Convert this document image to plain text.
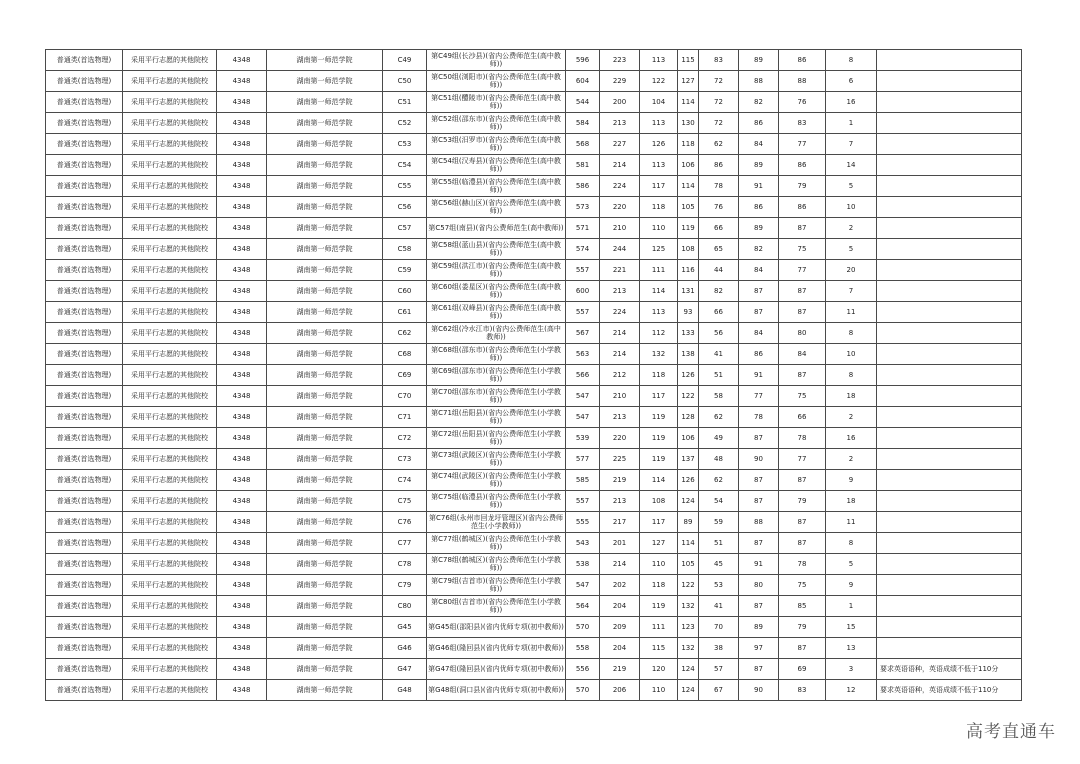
普通类(首选物理)	采用平行志愿的其他院校	4348	湖南第一师范学院	C49	第C49组(长沙县)(省内公费师范生(高中教师))	596	223	113	115	83	89	86	8	
普通类(首选物理)	采用平行志愿的其他院校	4348	湖南第一师范学院	C50	第C50组(浏阳市)(省内公费师范生(高中教师))	604	229	122	127	72	88	88	6	
普通类(首选物理)	采用平行志愿的其他院校	4348	湖南第一师范学院	C51	第C51组(醴陵市)(省内公费师范生(高中教师))	544	200	104	114	72	82	76	16	
普通类(首选物理)	采用平行志愿的其他院校	4348	湖南第一师范学院	C52	第C52组(邵东市)(省内公费师范生(高中教师))	584	213	113	130	72	86	83	1	
普通类(首选物理)	采用平行志愿的其他院校	4348	湖南第一师范学院	C53	第C53组(汨罗市)(省内公费师范生(高中教师))	568	227	126	118	62	84	77	7	
普通类(首选物理)	采用平行志愿的其他院校	4348	湖南第一师范学院	C54	第C54组(汉寿县)(省内公费师范生(高中教师))	581	214	113	106	86	89	86	14	
普通类(首选物理)	采用平行志愿的其他院校	4348	湖南第一师范学院	C55	第C55组(临澧县)(省内公费师范生(高中教师))	586	224	117	114	78	91	79	5	
普通类(首选物理)	采用平行志愿的其他院校	4348	湖南第一师范学院	C56	第C56组(赫山区)(省内公费师范生(高中教师))	573	220	118	105	76	86	86	10	
普通类(首选物理)	采用平行志愿的其他院校	4348	湖南第一师范学院	C57	第C57组(南县)(省内公费师范生(高中教师))	571	210	110	119	66	89	87	2	
普通类(首选物理)	采用平行志愿的其他院校	4348	湖南第一师范学院	C58	第C58组(蓝山县)(省内公费师范生(高中教师))	574	244	125	108	65	82	75	5	
普通类(首选物理)	采用平行志愿的其他院校	4348	湖南第一师范学院	C59	第C59组(洪江市)(省内公费师范生(高中教师))	557	221	111	116	44	84	77	20	
普通类(首选物理)	采用平行志愿的其他院校	4348	湖南第一师范学院	C60	第C60组(娄星区)(省内公费师范生(高中教师))	600	213	114	131	82	87	87	7	
普通类(首选物理)	采用平行志愿的其他院校	4348	湖南第一师范学院	C61	第C61组(双峰县)(省内公费师范生(高中教师))	557	224	113	93	66	87	87	11	
普通类(首选物理)	采用平行志愿的其他院校	4348	湖南第一师范学院	C62	第C62组(冷水江市)(省内公费师范生(高中教师))	567	214	112	133	56	84	80	8	
普通类(首选物理)	采用平行志愿的其他院校	4348	湖南第一师范学院	C68	第C68组(邵东市)(省内公费师范生(小学教师))	563	214	132	138	41	86	84	10	
普通类(首选物理)	采用平行志愿的其他院校	4348	湖南第一师范学院	C69	第C69组(邵东市)(省内公费师范生(小学教师))	566	212	118	126	51	91	87	8	
普通类(首选物理)	采用平行志愿的其他院校	4348	湖南第一师范学院	C70	第C70组(邵东市)(省内公费师范生(小学教师))	547	210	117	122	58	77	75	18	
普通类(首选物理)	采用平行志愿的其他院校	4348	湖南第一师范学院	C71	第C71组(岳阳县)(省内公费师范生(小学教师))	547	213	119	128	62	78	66	2	
普通类(首选物理)	采用平行志愿的其他院校	4348	湖南第一师范学院	C72	第C72组(岳阳县)(省内公费师范生(小学教师))	539	220	119	106	49	87	78	16	
普通类(首选物理)	采用平行志愿的其他院校	4348	湖南第一师范学院	C73	第C73组(武陵区)(省内公费师范生(小学教师))	577	225	119	137	48	90	77	2	
普通类(首选物理)	采用平行志愿的其他院校	4348	湖南第一师范学院	C74	第C74组(武陵区)(省内公费师范生(小学教师))	585	219	114	126	62	87	87	9	
普通类(首选物理)	采用平行志愿的其他院校	4348	湖南第一师范学院	C75	第C75组(临澧县)(省内公费师范生(小学教师))	557	213	108	124	54	87	79	18	
普通类(首选物理)	采用平行志愿的其他院校	4348	湖南第一师范学院	C76	第C76组(永州市回龙圩管理区)(省内公费师范生(小学教师))	555	217	117	89	59	88	87	11	
普通类(首选物理)	采用平行志愿的其他院校	4348	湖南第一师范学院	C77	第C77组(鹤城区)(省内公费师范生(小学教师))	543	201	127	114	51	87	87	8	
普通类(首选物理)	采用平行志愿的其他院校	4348	湖南第一师范学院	C78	第C78组(鹤城区)(省内公费师范生(小学教师))	538	214	110	105	45	91	78	5	
普通类(首选物理)	采用平行志愿的其他院校	4348	湖南第一师范学院	C79	第C79组(吉首市)(省内公费师范生(小学教师))	547	202	118	122	53	80	75	9	
普通类(首选物理)	采用平行志愿的其他院校	4348	湖南第一师范学院	C80	第C80组(吉首市)(省内公费师范生(小学教师))	564	204	119	132	41	87	85	1	
普通类(首选物理)	采用平行志愿的其他院校	4348	湖南第一师范学院	G45	第G45组(邵阳县)(省内优师专项(初中教师))	570	209	111	123	70	89	79	15	
普通类(首选物理)	采用平行志愿的其他院校	4348	湖南第一师范学院	G46	第G46组(隆回县)(省内优师专项(初中教师))	558	204	115	132	38	97	87	13	
普通类(首选物理)	采用平行志愿的其他院校	4348	湖南第一师范学院	G47	第G47组(隆回县)(省内优师专项(初中教师))	556	219	120	124	57	87	69	3	要求英语语种，英语成绩不低于110分
普通类(首选物理)	采用平行志愿的其他院校	4348	湖南第一师范学院	G48	第G48组(洞口县)(省内优师专项(初中教师))	570	206	110	124	67	90	83	12	要求英语语种，英语成绩不低于110分
高考直通车
